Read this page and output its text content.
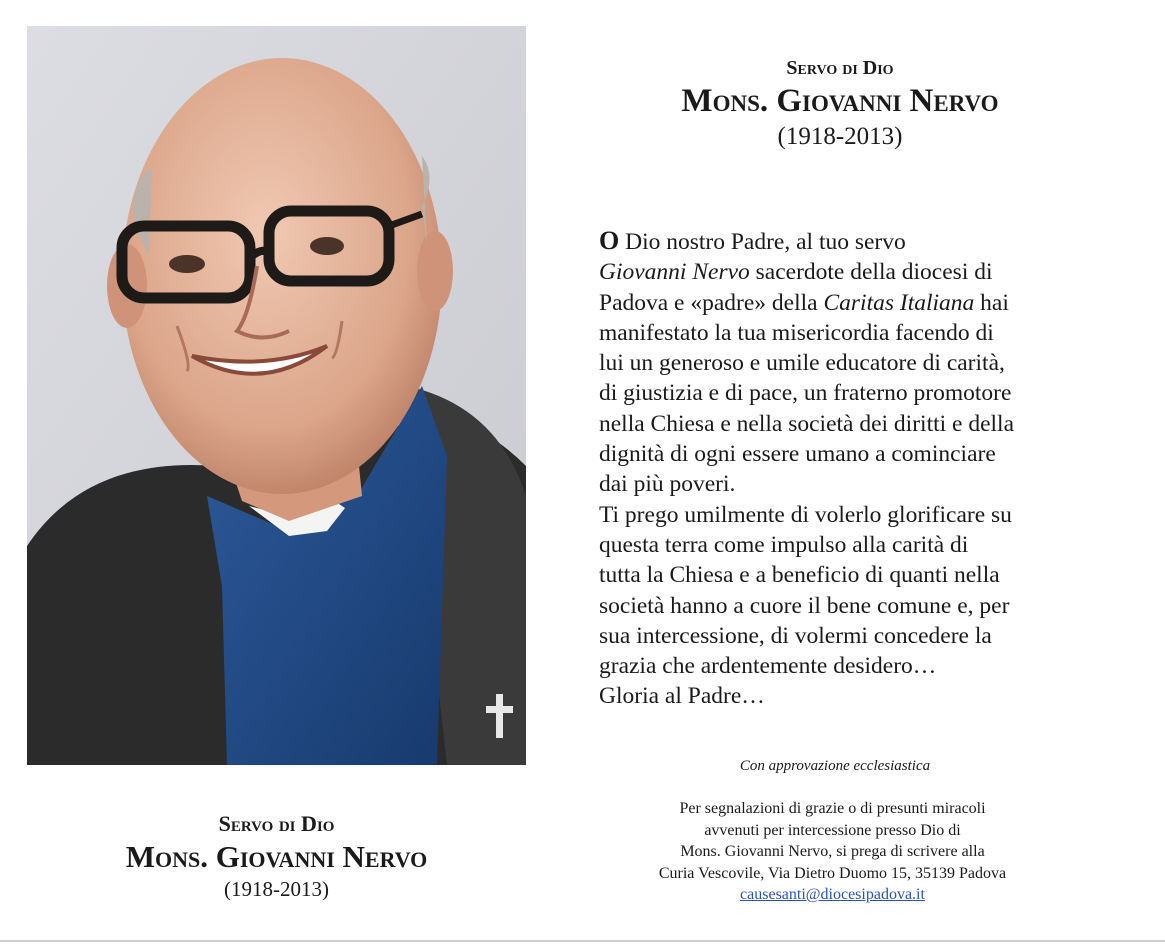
Servo di Dio
Mons. Giovanni Nervo
(1918-2013)
Servo di Dio
Mons. Giovanni Nervo
(1918-2013)
O Dio nostro Padre, al tuo servo
Giovanni Nervo sacerdote della diocesi di
Padova e «padre» della Caritas Italiana hai
manifestato la tua misericordia facendo di
lui un generoso e umile educatore di carità,
di giustizia e di pace, un fraterno promotore
nella Chiesa e nella società dei diritti e della
dignità di ogni essere umano a cominciare
dai più poveri.
Ti prego umilmente di volerlo glorificare su
questa terra come impulso alla carità di
tutta la Chiesa e a beneficio di quanti nella
società hanno a cuore il bene comune e, per
sua intercessione, di volermi concedere la
grazia che ardentemente desidero…
Gloria al Padre…
Con approvazione ecclesiastica
Per segnalazioni di grazie o di presunti miracoli
avvenuti per intercessione presso Dio di
Mons. Giovanni Nervo, si prega di scrivere alla
Curia Vescovile, Via Dietro Duomo 15, 35139 Padova
causesanti@diocesipadova.it
